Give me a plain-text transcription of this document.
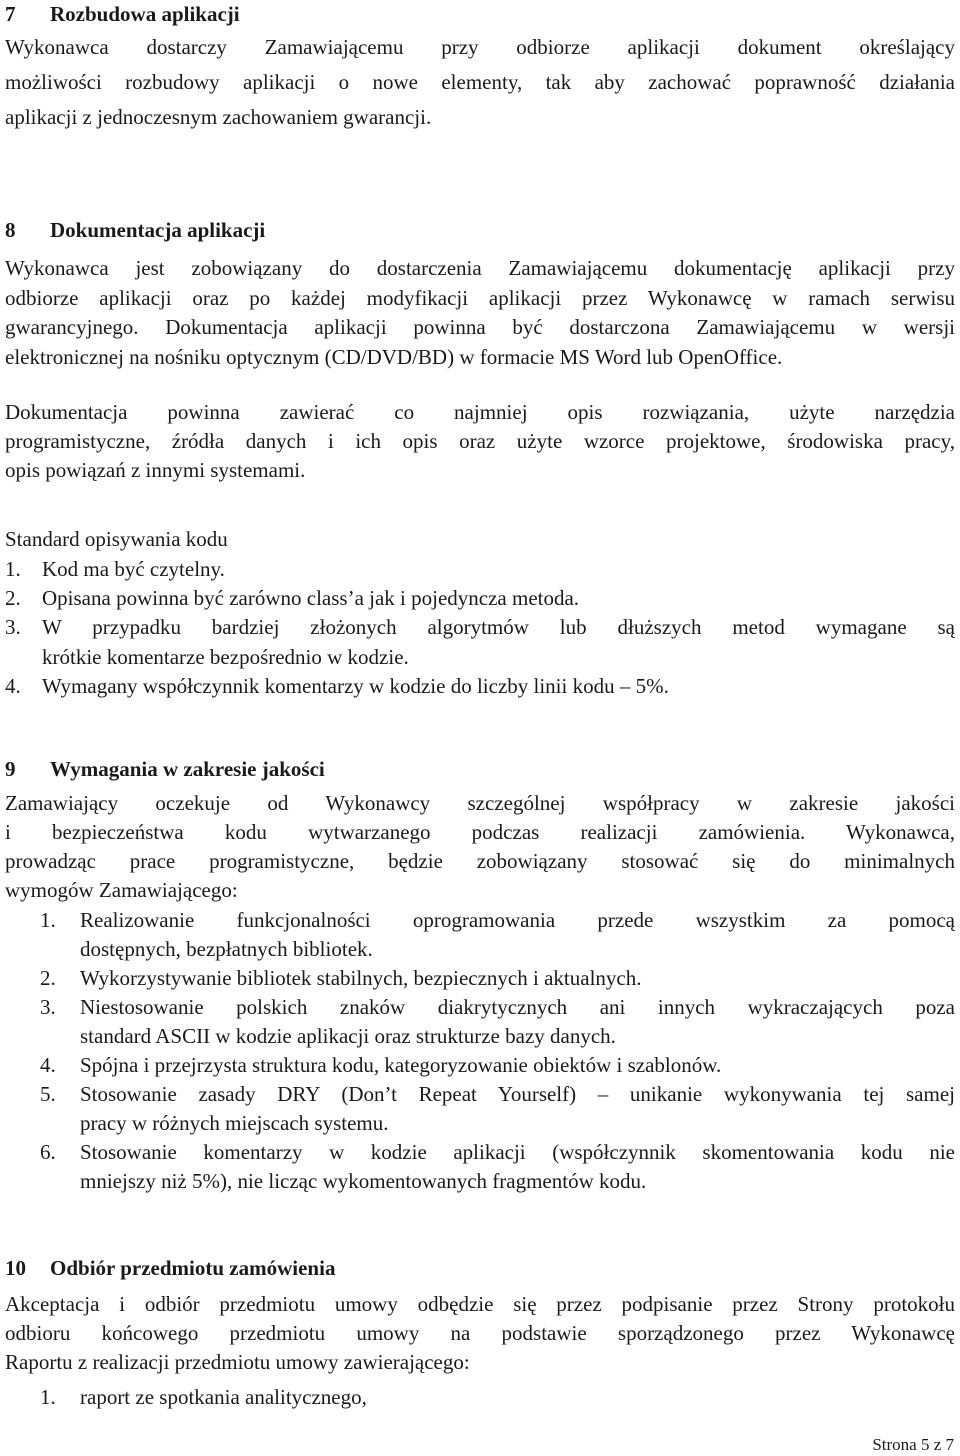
7 Rozbudowa aplikacji
Wykonawca dostarczy Zamawiającemu przy odbiorze aplikacji dokument określający
możliwości rozbudowy aplikacji o nowe elementy, tak aby zachować poprawność działania
aplikacji z jednoczesnym zachowaniem gwarancji.
8 Dokumentacja aplikacji
Wykonawca jest zobowiązany do dostarczenia Zamawiającemu dokumentację aplikacji przy
odbiorze aplikacji oraz po każdej modyfikacji aplikacji przez Wykonawcę w ramach serwisu
gwarancyjnego. Dokumentacja aplikacji powinna być dostarczona Zamawiającemu w wersji
elektronicznej na nośniku optycznym (CD/DVD/BD) w formacie MS Word lub OpenOffice.
Dokumentacja powinna zawierać co najmniej opis rozwiązania, użyte narzędzia
programistyczne, źródła danych i ich opis oraz użyte wzorce projektowe, środowiska pracy,
opis powiązań z innymi systemami.
Standard opisywania kodu
1.	Kod ma być czytelny.
2.	Opisana powinna być zarówno class’a jak i pojedyncza metoda.
3.	W przypadku bardziej złożonych algorytmów lub dłuższych metod wymagane są
krótkie komentarze bezpośrednio w kodzie.
4.	Wymagany współczynnik komentarzy w kodzie do liczby linii kodu – 5%.
9 Wymagania w zakresie jakości
Zamawiający oczekuje od Wykonawcy szczególnej współpracy w zakresie jakości
i bezpieczeństwa kodu wytwarzanego podczas realizacji zamówienia. Wykonawca,
prowadząc prace programistyczne, będzie zobowiązany stosować się do minimalnych
wymogów Zamawiającego:
1.	Realizowanie funkcjonalności oprogramowania przede wszystkim za pomocą
dostępnych, bezpłatnych bibliotek.
2.	Wykorzystywanie bibliotek stabilnych, bezpiecznych i aktualnych.
3.	Niestosowanie polskich znaków diakrytycznych ani innych wykraczających poza
standard ASCII w kodzie aplikacji oraz strukturze bazy danych.
4.	Spójna i przejrzysta struktura kodu, kategoryzowanie obiektów i szablonów.
5.	Stosowanie zasady DRY (Don’t Repeat Yourself) – unikanie wykonywania tej samej
pracy w różnych miejscach systemu.
6.	Stosowanie komentarzy w kodzie aplikacji (współczynnik skomentowania kodu nie
mniejszy niż 5%), nie licząc wykomentowanych fragmentów kodu.
10 Odbiór przedmiotu zamówienia
Akceptacja i odbiór przedmiotu umowy odbędzie się przez podpisanie przez Strony protokołu
odbioru końcowego przedmiotu umowy na podstawie sporządzonego przez Wykonawcę
Raportu z realizacji przedmiotu umowy zawierającego:
1.	raport ze spotkania analitycznego,
Strona 5 z 7
